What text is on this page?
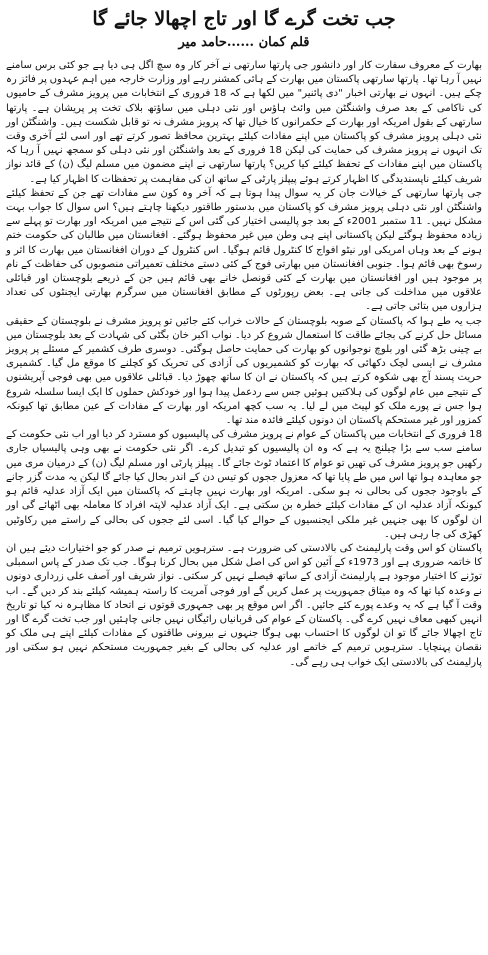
جب تخت گرے گا اور تاج اچھالا جائے گا
قلم کمان ......حامد میر

بھارت کے معروف سفارت کار اور دانشور جی پارتھا سارتھی نے آخر کار وہ سچ اگل ہی دیا ہے جو کئی برس سامنے نہیں آ رہا تھا۔ پارتھا سارتھی پاکستان میں بھارت کے ہائی کمشنر رہے اور وزارت خارجہ میں اہم عہدوں پر فائز رہ چکے ہیں۔ انہوں نے بھارتی اخبار "دی پائنیر" میں لکھا ہے کہ 18 فروری کے انتخابات میں پرویز مشرف کے حامیوں کی ناکامی کے بعد صرف واشنگٹن میں وائٹ ہاؤس اور نئی دہلی میں ساؤتھ بلاک تخت پر پریشان ہے۔ پارتھا سارتھی کے بقول امریکہ اور بھارت کے حکمرانوں کا خیال تھا کہ پرویز مشرف نہ تو قابل شکست ہیں۔ واشنگٹن اور نئی دہلی پرویز مشرف کو پاکستان میں اپنے مفادات کیلئے بہترین محافظ تصور کرتے تھے اور اسی لئے آخری وقت تک انہوں نے پرویز مشرف کی حمایت کی لیکن 18 فروری کے بعد واشنگٹن اور نئی دہلی کو سمجھ نہیں آ رہا کہ پاکستان میں اپنے مفادات کے تحفظ کیلئے کیا کریں؟ پارتھا سارتھی نے اپنے مضمون میں مسلم لیگ (ن) کے قائد نواز شریف کیلئے ناپسندیدگی کا اظہار کرتے ہوئے پیپلز پارٹی کے ساتھ ان کی مفاہمت پر تحفظات کا اظہار کیا ہے۔

جی پارتھا سارتھی کے خیالات جان کر یہ سوال پیدا ہوتا ہے کہ آخر وہ کون سے مفادات تھے جن کے تحفظ کیلئے واشنگٹن اور نئی دہلی پرویز مشرف کو پاکستان میں بدستور طاقتور دیکھنا چاہتے ہیں؟ اس سوال کا جواب بہت مشکل نہیں۔ 11 ستمبر 2001ء کے بعد جو پالیسی اختیار کی گئی اس کے نتیجے میں امریکہ اور بھارت تو پہلے سے زیادہ محفوظ ہوگئے لیکن پاکستانی اپنے ہی وطن میں غیر محفوظ ہوگئے۔ افغانستان میں طالبان کی حکومت ختم ہونے کے بعد وہاں امریکی اور نیٹو افواج کا کنٹرول قائم ہوگیا۔ اس کنٹرول کے دوران افغانستان میں بھارت کا اثر و رسوخ بھی قائم ہوا۔ جنوبی افغانستان میں بھارتی فوج کے کئی دستے مختلف تعمیراتی منصوبوں کی حفاظت کے نام پر موجود ہیں اور افغانستان میں بھارت کے کئی قونصل خانے بھی قائم ہیں جن کے ذریعے بلوچستان اور قبائلی علاقوں میں مداخلت کی جاتی ہے۔ بعض رپورٹوں کے مطابق افغانستان میں سرگرم بھارتی ایجنٹوں کی تعداد ہزاروں میں بتائی جاتی ہے۔

جب یہ طے ہوا کہ پاکستان کے صوبہ بلوچستان کے حالات خراب کئے جائیں تو پرویز مشرف نے بلوچستان کے حقیقی مسائل حل کرنے کی بجائے طاقت کا استعمال شروع کر دیا۔ نواب اکبر خان بگٹی کی شہادت کے بعد بلوچستان میں بے چینی بڑھ گئی اور بلوچ نوجوانوں کو بھارت کی حمایت حاصل ہوگئی۔ دوسری طرف کشمیر کے مسئلے پر پرویز مشرف نے ایسی لچک دکھائی کہ بھارت کو کشمیریوں کی آزادی کی تحریک کو کچلنے کا موقع مل گیا۔ کشمیری حریت پسند آج بھی شکوہ کرتے ہیں کہ پاکستان نے ان کا ساتھ چھوڑ دیا۔ قبائلی علاقوں میں بھی فوجی آپریشنوں کے نتیجے میں عام لوگوں کی ہلاکتیں ہوئیں جس سے ردعمل پیدا ہوا اور خودکش حملوں کا ایک ایسا سلسلہ شروع ہوا جس نے پورے ملک کو لپیٹ میں لے لیا۔ یہ سب کچھ امریکہ اور بھارت کے مفادات کے عین مطابق تھا کیونکہ کمزور اور غیر مستحکم پاکستان ان دونوں کیلئے فائدہ مند تھا۔

18 فروری کے انتخابات میں پاکستان کے عوام نے پرویز مشرف کی پالیسیوں کو مسترد کر دیا اور اب نئی حکومت کے سامنے سب سے بڑا چیلنج یہ ہے کہ وہ ان پالیسیوں کو تبدیل کرے۔ اگر نئی حکومت نے بھی وہی پالیسیاں جاری رکھیں جو پرویز مشرف کی تھیں تو عوام کا اعتماد ٹوٹ جائے گا۔ پیپلز پارٹی اور مسلم لیگ (ن) کے درمیان مری میں جو معاہدہ ہوا تھا اس میں طے پایا تھا کہ معزول ججوں کو تیس دن کے اندر بحال کیا جائے گا لیکن یہ مدت گزر جانے کے باوجود ججوں کی بحالی نہ ہو سکی۔ امریکہ اور بھارت نہیں چاہتے کہ پاکستان میں ایک آزاد عدلیہ قائم ہو کیونکہ آزاد عدلیہ ان کے مفادات کیلئے خطرہ بن سکتی ہے۔ ایک آزاد عدلیہ لاپتہ افراد کا معاملہ بھی اٹھائے گی اور ان لوگوں کا بھی جنہیں غیر ملکی ایجنسیوں کے حوالے کیا گیا۔ اسی لئے ججوں کی بحالی کے راستے میں رکاوٹیں کھڑی کی جا رہی ہیں۔

پاکستان کو اس وقت پارلیمنٹ کی بالادستی کی ضرورت ہے۔ سترہویں ترمیم نے صدر کو جو اختیارات دیئے ہیں ان کا خاتمہ ضروری ہے اور 1973ء کے آئین کو اس کی اصل شکل میں بحال کرنا ہوگا۔ جب تک صدر کے پاس اسمبلی توڑنے کا اختیار موجود ہے پارلیمنٹ آزادی کے ساتھ فیصلے نہیں کر سکتی۔ نواز شریف اور آصف علی زرداری دونوں نے وعدہ کیا تھا کہ وہ میثاق جمہوریت پر عمل کریں گے اور فوجی آمریت کا راستہ ہمیشہ کیلئے بند کر دیں گے۔ اب وقت آ گیا ہے کہ یہ وعدے پورے کئے جائیں۔ اگر اس موقع پر بھی جمہوری قوتوں نے اتحاد کا مظاہرہ نہ کیا تو تاریخ انہیں کبھی معاف نہیں کرے گی۔ پاکستان کے عوام کی قربانیاں رائیگاں نہیں جانی چاہئیں اور جب تخت گرے گا اور تاج اچھالا جائے گا تو ان لوگوں کا احتساب بھی ہوگا جنہوں نے بیرونی طاقتوں کے مفادات کیلئے اپنے ہی ملک کو نقصان پہنچایا۔ سترہویں ترمیم کے خاتمے اور عدلیہ کی بحالی کے بغیر جمہوریت مستحکم نہیں ہو سکتی اور پارلیمنٹ کی بالادستی ایک خواب ہی رہے گی۔
